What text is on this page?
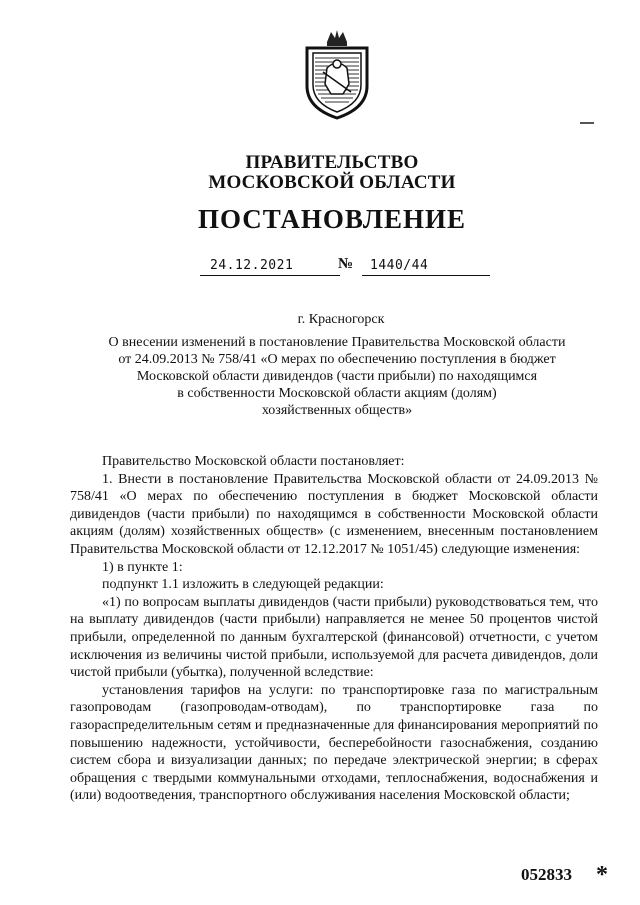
ПРАВИТЕЛЬСТВО
МОСКОВСКОЙ ОБЛАСТИ
ПОСТАНОВЛЕНИЕ
24.12.2021	№	1440/44
г. Красногорск
О внесении изменений в постановление Правительства Московской области
от 24.09.2013 № 758/41 «О мерах по обеспечению поступления в бюджет
Московской области дивидендов (части прибыли) по находящимся
в собственности Московской области акциям (долям)
хозяйственных обществ»

Правительство Московской области постановляет:

1. Внести в постановление Правительства Московской области от 24.09.2013 № 758/41 «О мерах по обеспечению поступления в бюджет Московской области дивидендов (части прибыли) по находящимся в собственности Московской области акциям (долям) хозяйственных обществ» (с изменением, внесенным постановлением Правительства Московской области от 12.12.2017 № 1051/45) следующие изменения:

1) в пункте 1:

подпункт 1.1 изложить в следующей редакции:

«1) по вопросам выплаты дивидендов (части прибыли) руководствоваться тем, что на выплату дивидендов (части прибыли) направляется не менее 50 процентов чистой прибыли, определенной по данным бухгалтерской (финансовой) отчетности, с учетом исключения из величины чистой прибыли, используемой для расчета дивидендов, доли чистой прибыли (убытка), полученной вследствие:

установления тарифов на услуги: по транспортировке газа по магистральным газопроводам (газопроводам-отводам), по транспортировке газа по газораспределительным сетям и предназначенные для финансирования мероприятий по повышению надежности, устойчивости, бесперебойности газоснабжения, созданию систем сбора и визуализации данных; по передаче электрической энергии; в сферах обращения с твердыми коммунальными отходами, теплоснабжения, водоснабжения и (или) водоотведения, транспортного обслуживания населения Московской области;

052833 *
